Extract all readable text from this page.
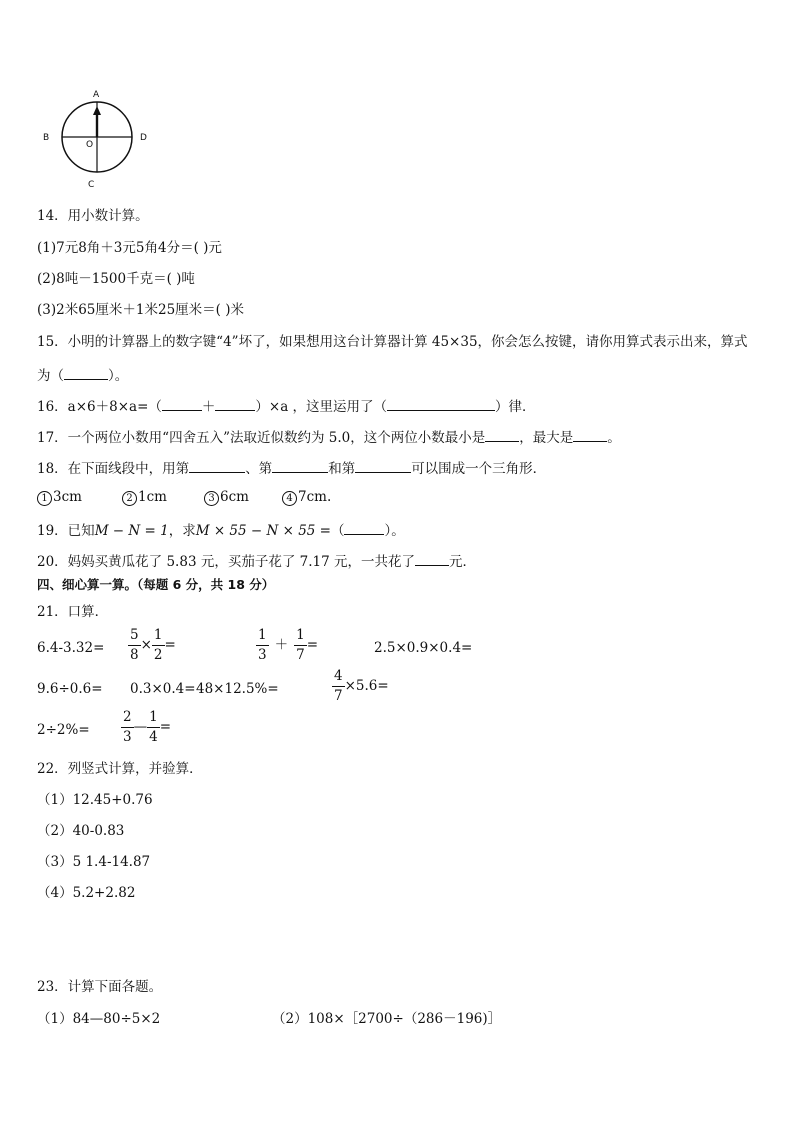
A
B
C
D
O
14．用小数计算。
(1)7元8角＋3元5角4分＝( )元
(2)8吨－1500千克＝( )吨
(3)2米65厘米＋1米25厘米＝( )米
15．小明的计算器上的数字键“4”坏了，如果想用这台计算器计算 45×35，你会怎么按键，请你用算式表示出来，算式
为（	）。
16．a×6＋8×a=（	＋	）×a ，这里运用了（	）律．
17．一个两位小数用“四舍五入”法取近似数约为 5.0，这个两位小数最小是	，最大是	。
18．在下面线段中，用第	、第	和第	可以围成一个三角形．
1 3cm	2 1cm	3 6cm	4 7cm.
19．已知M − N = 1，求M × 55 − N × 55 =（	）。
20．妈妈买黄瓜花了 5.83 元，买茄子花了 7.17 元，一共花了	元．
四、细心算一算。（每题 6 分，共 18 分）
21．口算．
$6.4-3.32= \frac{5}{8} \times \frac{1}{2}$ =	$\frac{1}{3} + \frac{1}{7}$ =	2.5×0.9×0.4=
9.6÷0.6= 0.3×0.4= 48×12.5%=	$\frac{4}{7} \times 5.6=$
$2\div 2\%= \frac{2}{3}$ — $\frac{1}{4}$ =
22．列竖式计算，并验算．
（1）12.45+0.76
（2）40-0.83
（3）5 1.4-14.87
（4）5.2+2.82
23．计算下面各题。
（1）84—80÷5×2	（2）108×［2700÷（286－196)］
